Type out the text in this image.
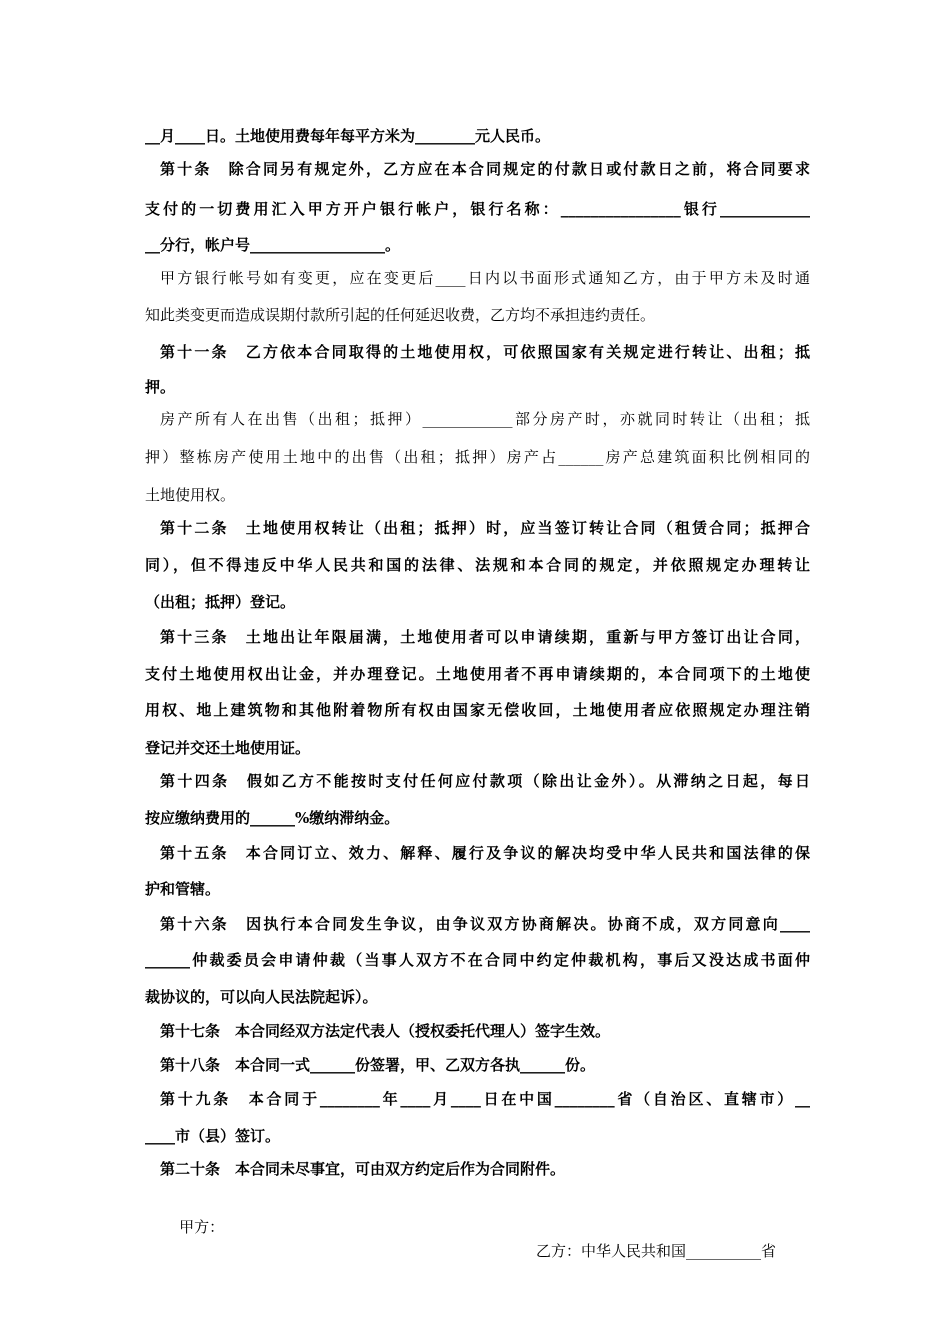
__月____日。土地使用费每年每平方米为________元人民币。
第十条　除合同另有规定外，乙方应在本合同规定的付款日或付款日之前，将合同要求
支付的一切费用汇入甲方开户银行帐户，银行名称：________________银行____________
__分行，帐户号__________________。
甲方银行帐号如有变更，应在变更后____日内以书面形式通知乙方，由于甲方未及时通
知此类变更而造成误期付款所引起的任何延迟收费，乙方均不承担违约责任。
第十一条　乙方依本合同取得的土地使用权，可依照国家有关规定进行转让、出租；抵
押。
房产所有人在出售（出租；抵押）____________部分房产时，亦就同时转让（出租；抵
押）整栋房产使用土地中的出售（出租；抵押）房产占______房产总建筑面积比例相同的
土地使用权。
第十二条　土地使用权转让（出租；抵押）时，应当签订转让合同（租赁合同；抵押合
同），但不得违反中华人民共和国的法律、法规和本合同的规定，并依照规定办理转让
（出租；抵押）登记。
第十三条　土地出让年限届满，土地使用者可以申请续期，重新与甲方签订出让合同，
支付土地使用权出让金，并办理登记。土地使用者不再申请续期的，本合同项下的土地使
用权、地上建筑物和其他附着物所有权由国家无偿收回，土地使用者应依照规定办理注销
登记并交还土地使用证。
第十四条　假如乙方不能按时支付任何应付款项（除出让金外）。从滞纳之日起，每日
按应缴纳费用的______%缴纳滞纳金。
第十五条　本合同订立、效力、解释、履行及争议的解决均受中华人民共和国法律的保
护和管辖。
第十六条　因执行本合同发生争议，由争议双方协商解决。协商不成，双方同意向____
______仲裁委员会申请仲裁（当事人双方不在合同中约定仲裁机构，事后又没达成书面仲
裁协议的，可以向人民法院起诉）。
第十七条　本合同经双方法定代表人（授权委托代理人）签字生效。
第十八条　本合同一式______份签署，甲、乙双方各执______份。
第十九条　本合同于________年____月____日在中国________省（自治区、直辖市）__
____市（县）签订。
第二十条　本合同未尽事宜，可由双方约定后作为合同附件。

甲方：

乙方：中华人民共和国__________省
